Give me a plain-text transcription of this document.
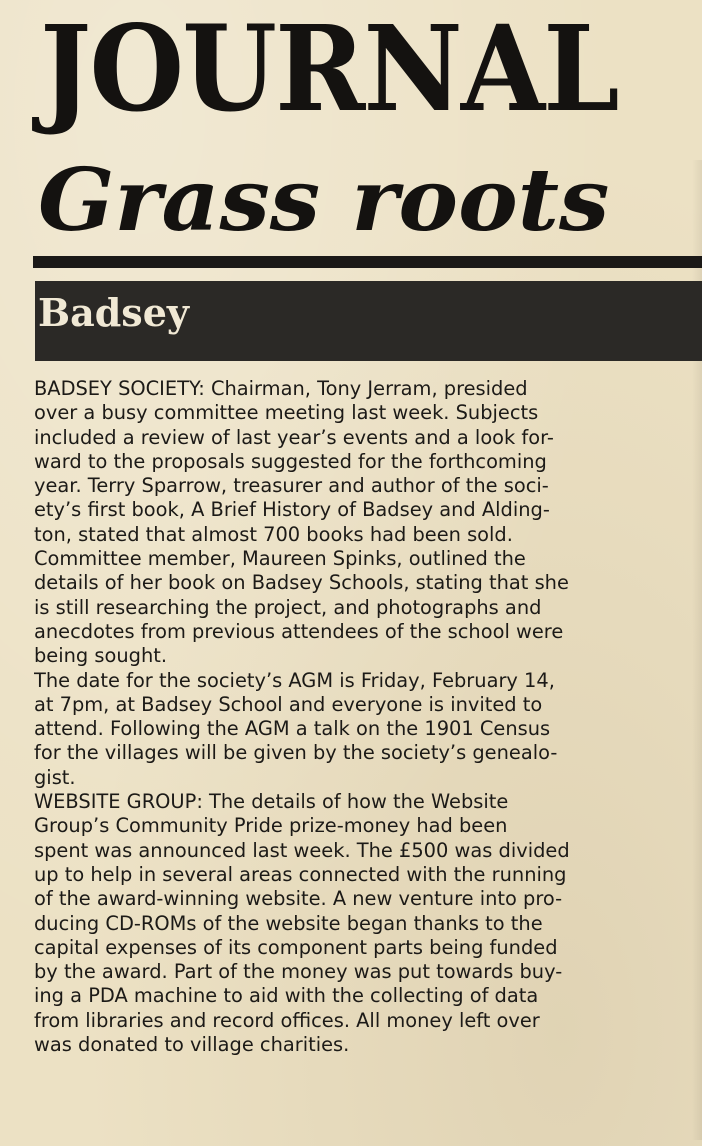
JOURNAL
Grass roots
Badsey
BADSEY SOCIETY: Chairman, Tony Jerram, presided
over a busy committee meeting last week. Subjects
included a review of last year’s events and a look for-
ward to the proposals suggested for the forthcoming
year. Terry Sparrow, treasurer and author of the soci-
ety’s first book, A Brief History of Badsey and Alding-
ton, stated that almost 700 books had been sold.
Committee member, Maureen Spinks, outlined the
details of her book on Badsey Schools, stating that she
is still researching the project, and photographs and
anecdotes from previous attendees of the school were
being sought.
The date for the society’s AGM is Friday, February 14,
at 7pm, at Badsey School and everyone is invited to
attend. Following the AGM a talk on the 1901 Census
for the villages will be given by the society’s genealo-
gist.
WEBSITE GROUP: The details of how the Website
Group’s Community Pride prize-money had been
spent was announced last week. The £500 was divided
up to help in several areas connected with the running
of the award-winning website. A new venture into pro-
ducing CD-ROMs of the website began thanks to the
capital expenses of its component parts being funded
by the award. Part of the money was put towards buy-
ing a PDA machine to aid with the collecting of data
from libraries and record offices. All money left over
was donated to village charities.
